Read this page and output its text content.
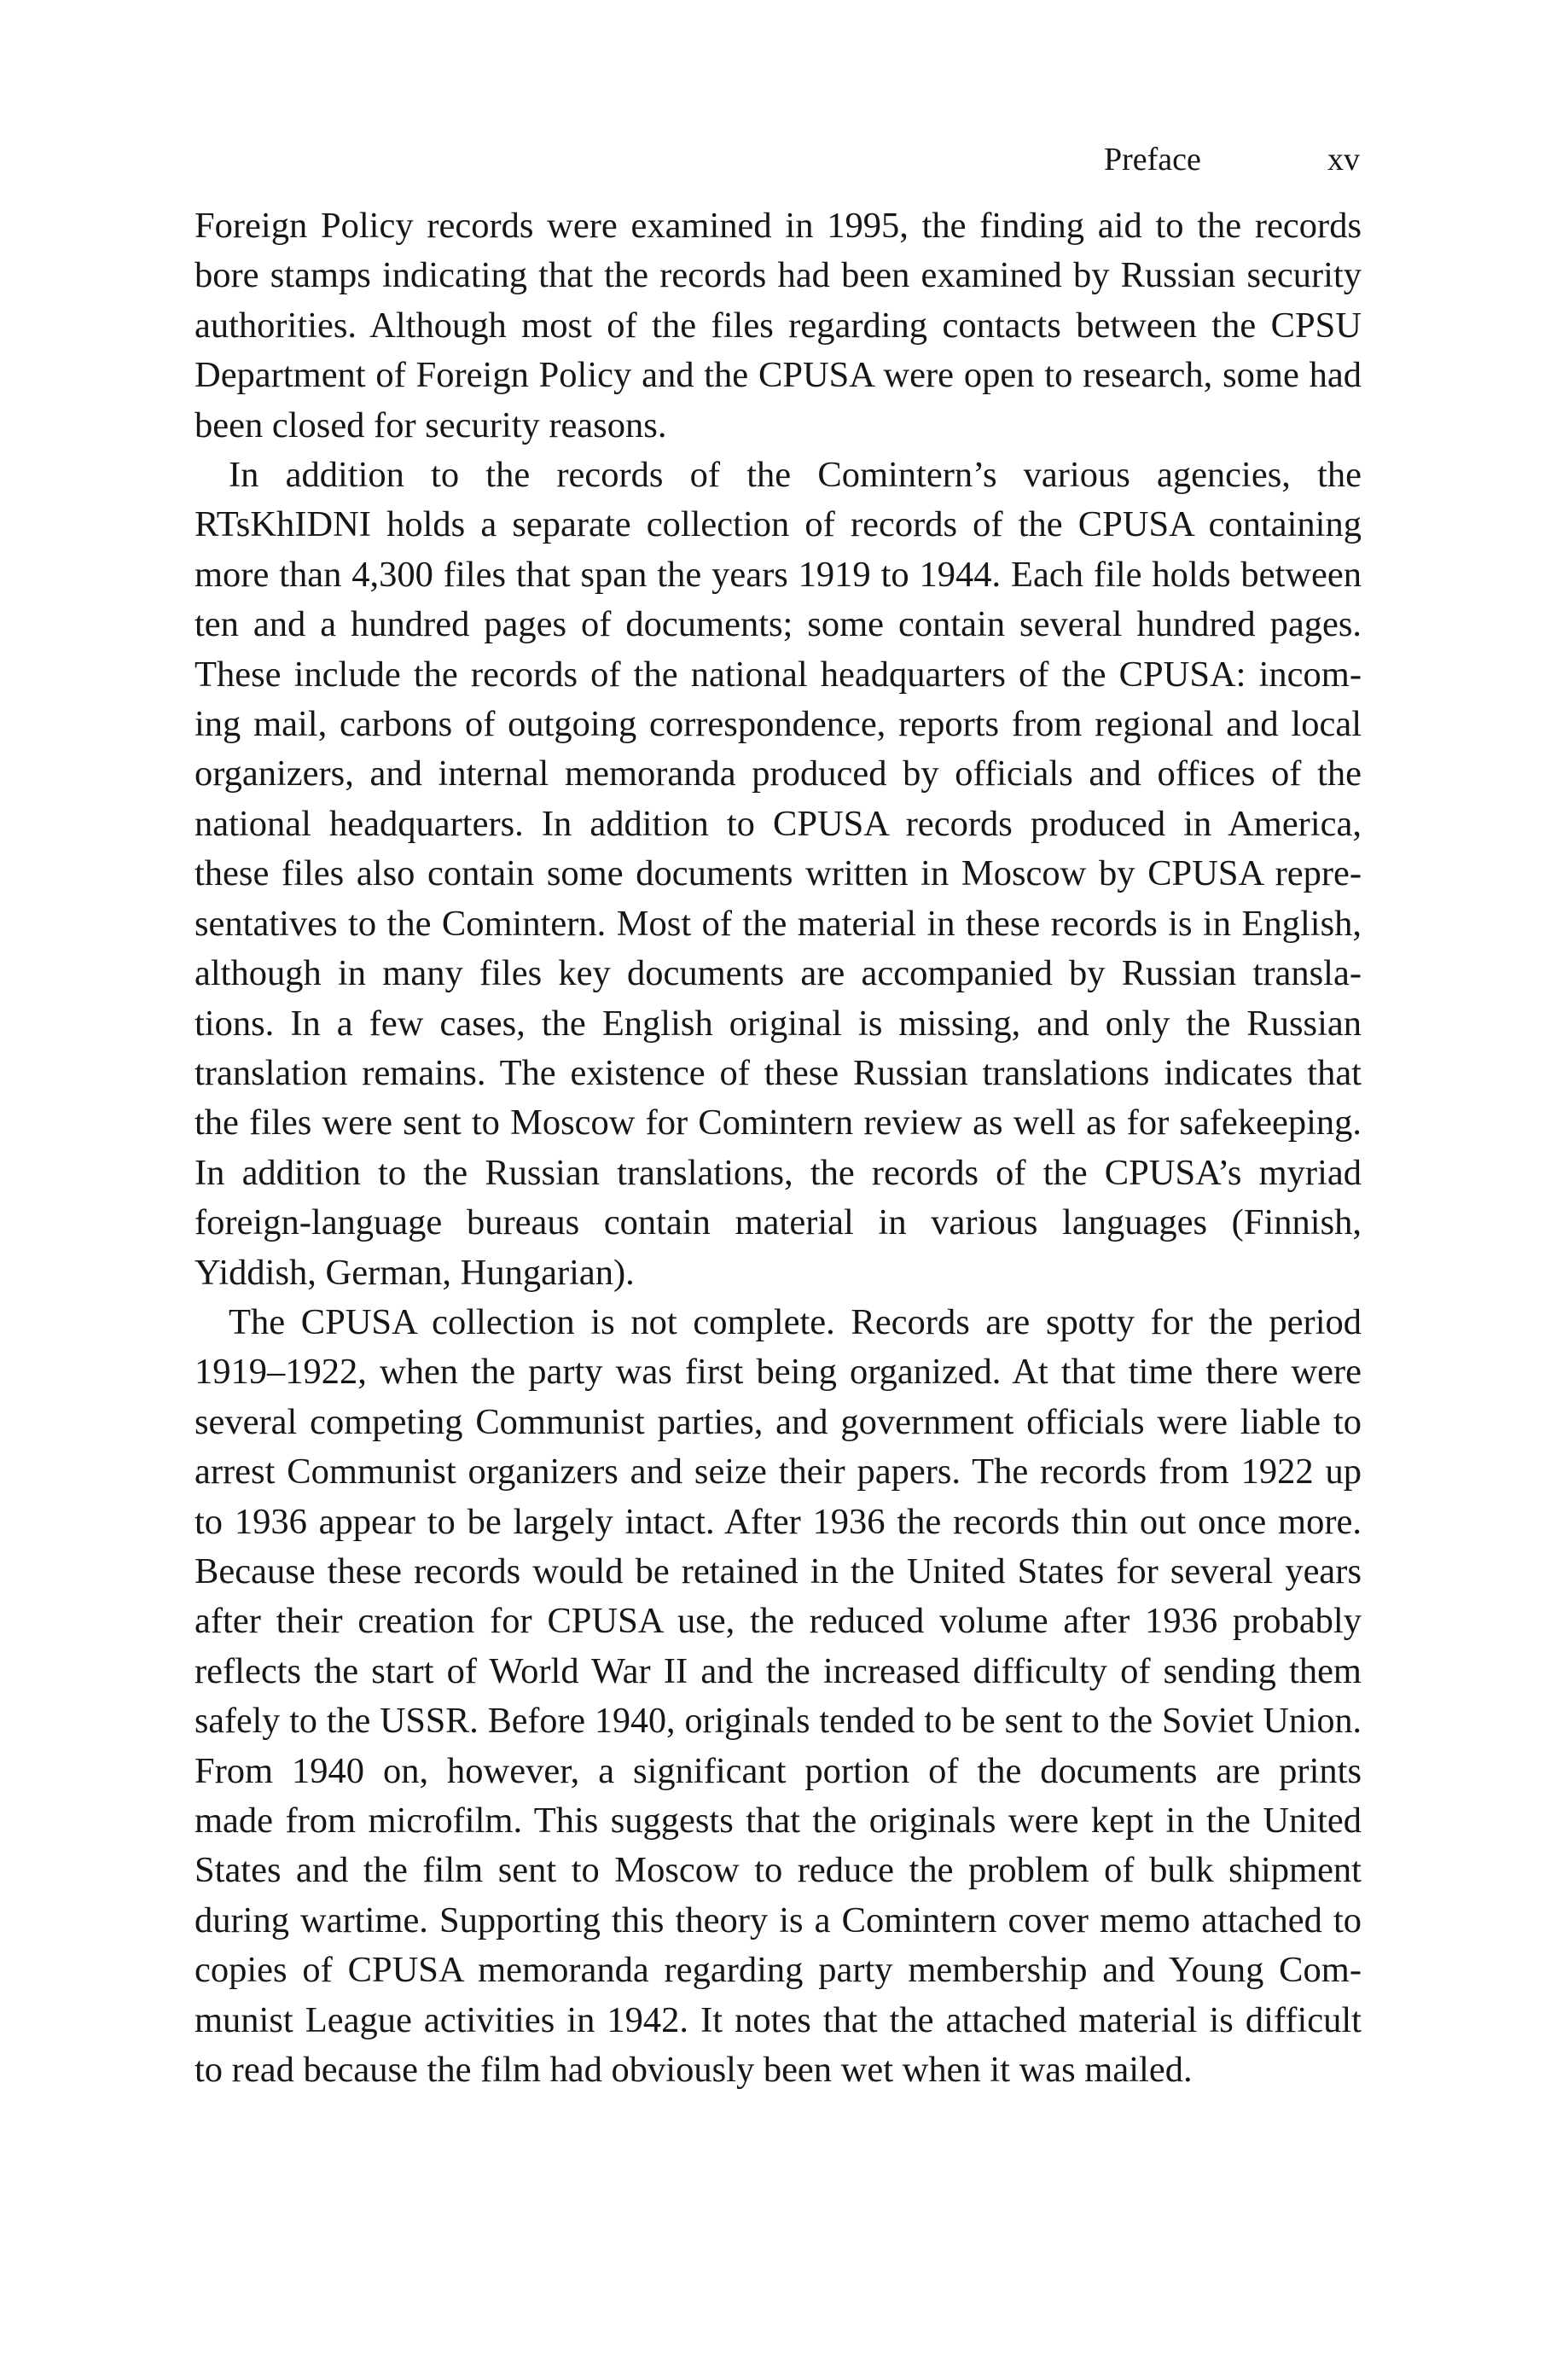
Preface	xv

Foreign Policy records were examined in 1995, the finding aid to the records
bore stamps indicating that the records had been examined by Russian security
authorities. Although most of the files regarding contacts between the CPSU
Department of Foreign Policy and the CPUSA were open to research, some had
been closed for security reasons.

In addition to the records of the Comintern’s various agencies, the
RTsKhIDNI holds a separate collection of records of the CPUSA containing
more than 4,300 files that span the years 1919 to 1944. Each file holds between
ten and a hundred pages of documents; some contain several hundred pages.
These include the records of the national headquarters of the CPUSA: incom-
ing mail, carbons of outgoing correspondence, reports from regional and local
organizers, and internal memoranda produced by officials and offices of the
national headquarters. In addition to CPUSA records produced in America,
these files also contain some documents written in Moscow by CPUSA repre-
sentatives to the Comintern. Most of the material in these records is in English,
although in many files key documents are accompanied by Russian transla-
tions. In a few cases, the English original is missing, and only the Russian
translation remains. The existence of these Russian translations indicates that
the files were sent to Moscow for Comintern review as well as for safekeeping.
In addition to the Russian translations, the records of the CPUSA’s myriad
foreign-language bureaus contain material in various languages (Finnish,
Yiddish, German, Hungarian).

The CPUSA collection is not complete. Records are spotty for the period
1919–1922, when the party was first being organized. At that time there were
several competing Communist parties, and government officials were liable to
arrest Communist organizers and seize their papers. The records from 1922 up
to 1936 appear to be largely intact. After 1936 the records thin out once more.
Because these records would be retained in the United States for several years
after their creation for CPUSA use, the reduced volume after 1936 probably
reflects the start of World War II and the increased difficulty of sending them
safely to the USSR. Before 1940, originals tended to be sent to the Soviet Union.
From 1940 on, however, a significant portion of the documents are prints
made from microfilm. This suggests that the originals were kept in the United
States and the film sent to Moscow to reduce the problem of bulk shipment
during wartime. Supporting this theory is a Comintern cover memo attached to
copies of CPUSA memoranda regarding party membership and Young Com-
munist League activities in 1942. It notes that the attached material is difficult
to read because the film had obviously been wet when it was mailed.
